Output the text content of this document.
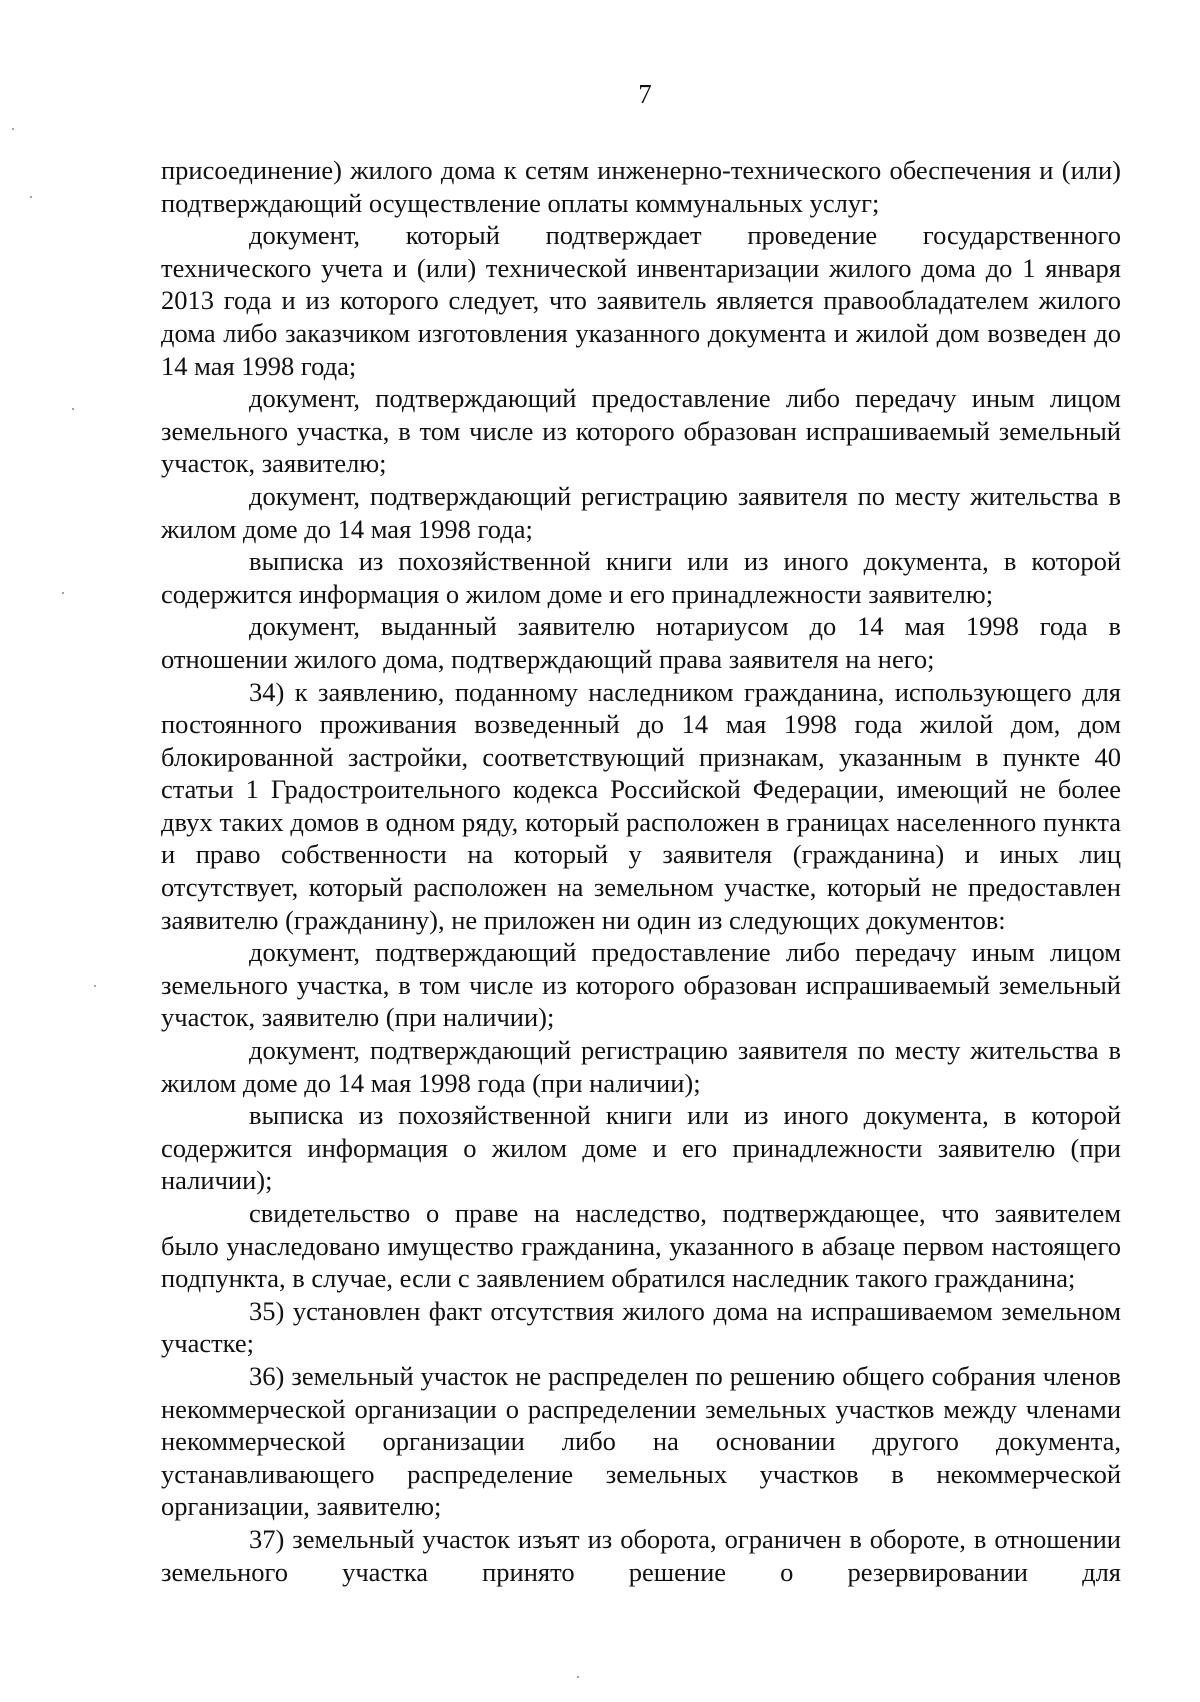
7

присоединение) жилого дома к сетям инженерно-технического обеспечения и (или) подтверждающий осуществление оплаты коммунальных услуг;

документ, который подтверждает проведение государственного технического учета и (или) технической инвентаризации жилого дома до 1 января 2013 года и из которого следует, что заявитель является правообладателем жилого дома либо заказчиком изготовления указанного документа и жилой дом возведен до 14 мая 1998 года;

документ, подтверждающий предоставление либо передачу иным лицом земельного участка, в том числе из которого образован испрашиваемый земельный участок, заявителю;

документ, подтверждающий регистрацию заявителя по месту жительства в жилом доме до 14 мая 1998 года;

выписка из похозяйственной книги или из иного документа, в которой содержится информация о жилом доме и его принадлежности заявителю;

документ, выданный заявителю нотариусом до 14 мая 1998 года в отношении жилого дома, подтверждающий права заявителя на него;

34) к заявлению, поданному наследником гражданина, использующего для постоянного проживания возведенный до 14 мая 1998 года жилой дом, дом блокированной застройки, соответствующий признакам, указанным в пункте 40 статьи 1 Градостроительного кодекса Российской Федерации, имеющий не более двух таких домов в одном ряду, который расположен в границах населенного пункта и право собственности на который у заявителя (гражданина) и иных лиц отсутствует, который расположен на земельном участке, который не предоставлен заявителю (гражданину), не приложен ни один из следующих документов:

документ, подтверждающий предоставление либо передачу иным лицом земельного участка, в том числе из которого образован испрашиваемый земельный участок, заявителю (при наличии);

документ, подтверждающий регистрацию заявителя по месту жительства в жилом доме до 14 мая 1998 года (при наличии);

выписка из похозяйственной книги или из иного документа, в которой содержится информация о жилом доме и его принадлежности заявителю (при наличии);

свидетельство о праве на наследство, подтверждающее, что заявителем было унаследовано имущество гражданина, указанного в абзаце первом настоящего подпункта, в случае, если с заявлением обратился наследник такого гражданина;

35) установлен факт отсутствия жилого дома на испрашиваемом земельном участке;

36) земельный участок не распределен по решению общего собрания членов некоммерческой организации о распределении земельных участков между членами некоммерческой организации либо на основании другого документа, устанавливающего распределение земельных участков в некоммерческой организации, заявителю;

37) земельный участок изъят из оборота, ограничен в обороте, в отношении земельного участка принято решение о резервировании для
